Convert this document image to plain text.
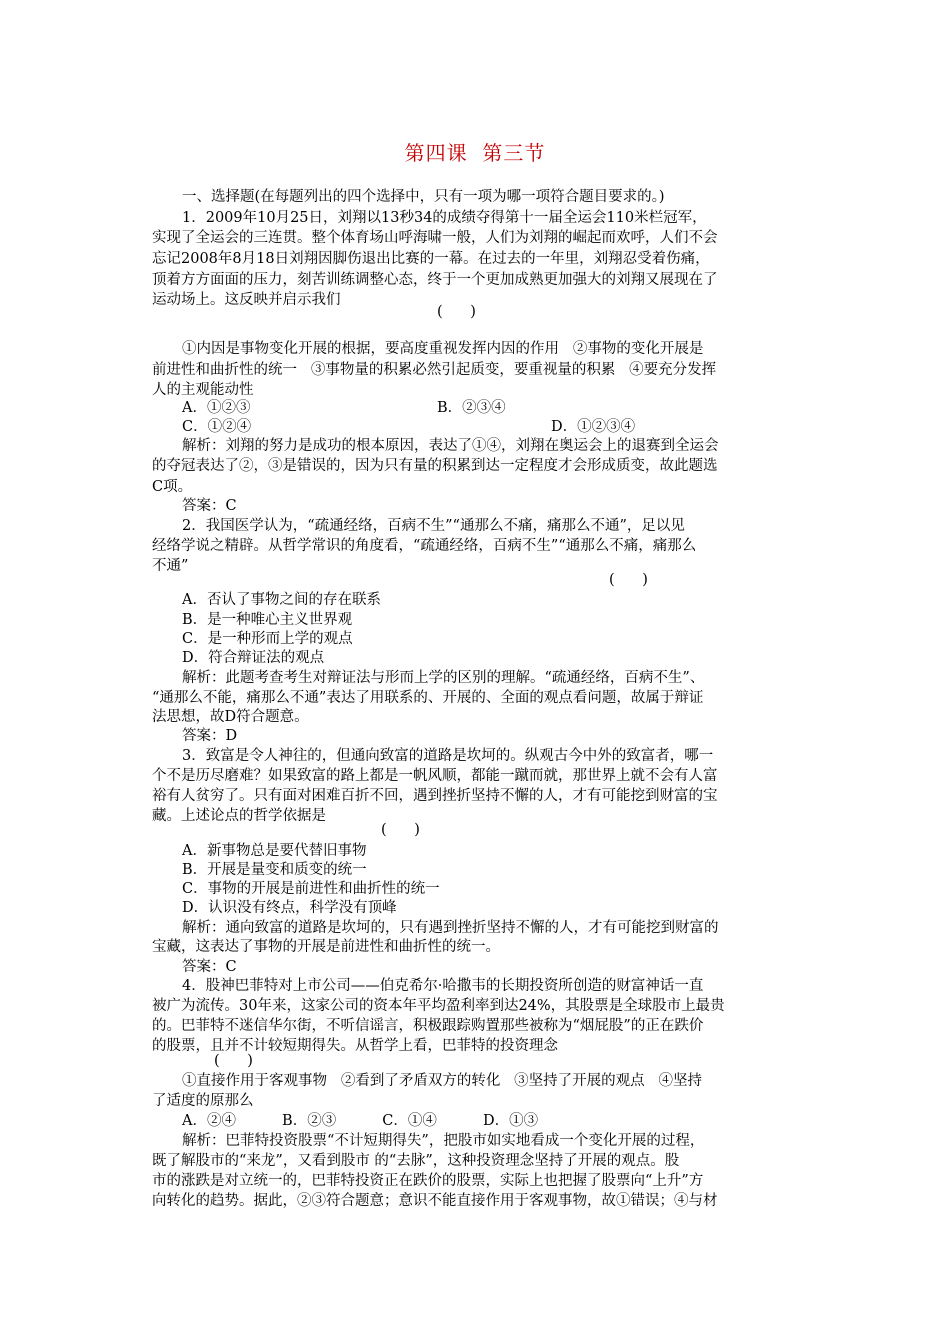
第四课  第三节
一、选择题(在每题列出的四个选择中，只有一项为哪一项符合题目要求的。)
1．2009年10月25日，刘翔以13秒34的成绩夺得第十一届全运会110米栏冠军，
实现了全运会的三连贯。整个体育场山呼海啸一般，人们为刘翔的崛起而欢呼，人们不会
忘记2008年8月18日刘翔因脚伤退出比赛的一幕。在过去的一年里，刘翔忍受着伤痛，
顶着方方面面的压力，刻苦训练调整心态，终于一个更加成熟更加强大的刘翔又展现在了
运动场上。这反映并启示我们
(      )
①内因是事物变化开展的根据，要高度重视发挥内因的作用   ②事物的变化开展是
前进性和曲折性的统一   ③事物量的积累必然引起质变，要重视量的积累   ④要充分发挥
人的主观能动性
A．①②③	B．②③④
C．①②④	D．①②③④
解析：刘翔的努力是成功的根本原因，表达了①④，刘翔在奥运会上的退赛到全运会
的夺冠表达了②，③是错误的，因为只有量的积累到达一定程度才会形成质变，故此题选
C项。
答案：C
2．我国医学认为，“疏通经络，百病不生”“通那么不痛，痛那么不通”，足以见
经络学说之精辟。从哲学常识的角度看，“疏通经络，百病不生”“通那么不痛，痛那么
不通”
(      )
A．否认了事物之间的存在联系
B．是一种唯心主义世界观
C．是一种形而上学的观点
D．符合辩证法的观点
解析：此题考查考生对辩证法与形而上学的区别的理解。“疏通经络，百病不生”、
“通那么不能，痛那么不通”表达了用联系的、开展的、全面的观点看问题，故属于辩证
法思想，故D符合题意。
答案：D
3．致富是令人神往的，但通向致富的道路是坎坷的。纵观古今中外的致富者，哪一
个不是历尽磨难？如果致富的路上都是一帆风顺，都能一蹴而就，那世界上就不会有人富
裕有人贫穷了。只有面对困难百折不回，遇到挫折坚持不懈的人，才有可能挖到财富的宝
藏。上述论点的哲学依据是
(      )
A．新事物总是要代替旧事物
B．开展是量变和质变的统一
C．事物的开展是前进性和曲折性的统一
D．认识没有终点，科学没有顶峰
解析：通向致富的道路是坎坷的，只有遇到挫折坚持不懈的人，才有可能挖到财富的
宝藏，这表达了事物的开展是前进性和曲折性的统一。
答案：C
4．股神巴菲特对上市公司——伯克希尔·哈撒韦的长期投资所创造的财富神话一直
被广为流传。30年来，这家公司的资本年平均盈利率到达24%，其股票是全球股市上最贵
的。巴菲特不迷信华尔街，不听信谣言，积极跟踪购置那些被称为“烟屁股”的正在跌价
的股票，且并不计较短期得失。从哲学上看，巴菲特的投资理念
(      )
①直接作用于客观事物   ②看到了矛盾双方的转化   ③坚持了开展的观点   ④坚持
了适度的原那么
A．②④          B．②③          C．①④          D．①③
解析：巴菲特投资股票“不计短期得失”，把股市如实地看成一个变化开展的过程，
既了解股市的“来龙”，又看到股市 的“去脉”，这种投资理念坚持了开展的观点。股
市的涨跌是对立统一的，巴菲特投资正在跌价的股票，实际上也把握了股票向“上升”方
向转化的趋势。据此，②③符合题意；意识不能直接作用于客观事物，故①错误；④与材
